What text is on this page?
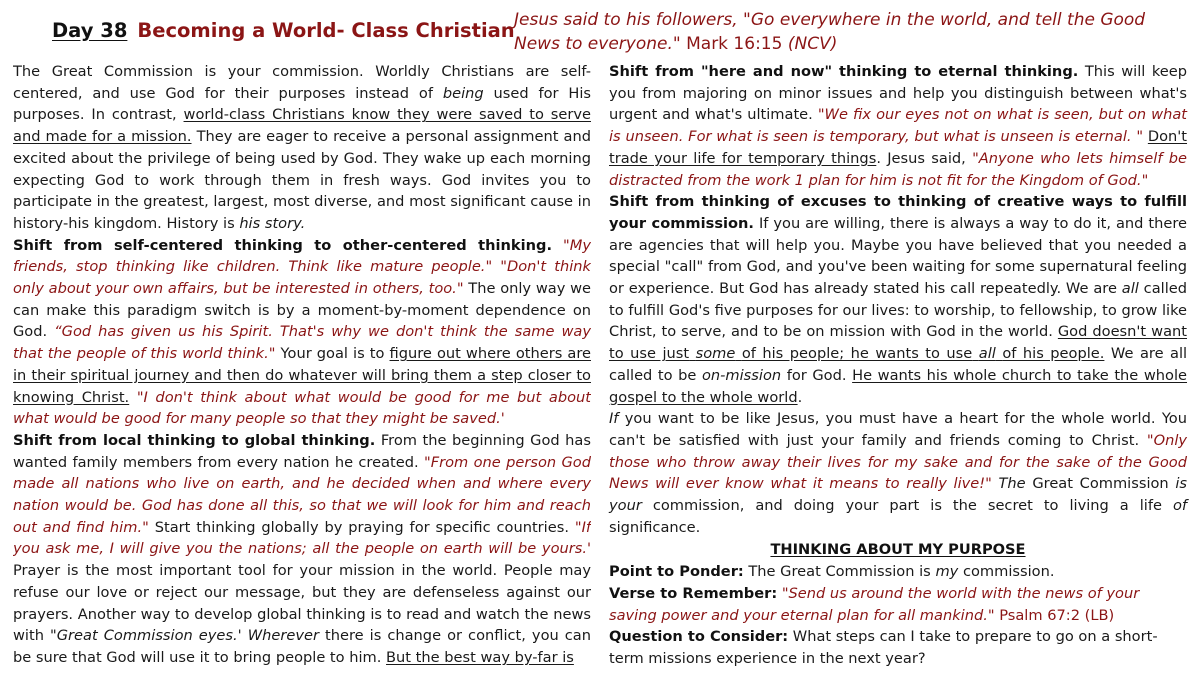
Day 38 Becoming a World- Class Christian Jesus said to his followers, "Go everywhere in the world, and tell the Good News to everyone." Mark 16:15 (NCV)

The Great Commission is your commission. Worldly Christians are self-centered, and use God for their purposes instead of being used for His purposes. In contrast, world-class Christians know they were saved to serve and made for a mission. They are eager to receive a personal assignment and excited about the privilege of being used by God. They wake up each morning expecting God to work through them in fresh ways. God invites you to participate in the greatest, largest, most diverse, and most significant cause in history-his kingdom. History is his story.

Shift from self-centered thinking to other-centered thinking. "My friends, stop thinking like children. Think like mature people." "Don't think only about your own affairs, but be interested in others, too." The only way we can make this paradigm switch is by a moment-by-moment dependence on God. “God has given us his Spirit. That's why we don't think the same way that the people of this world think." Your goal is to figure out where others are in their spiritual journey and then do whatever will bring them a step closer to knowing Christ. "I don't think about what would be good for me but about what would be good for many people so that they might be saved.'

Shift from local thinking to global thinking. From the beginning God has wanted family members from every nation he created. "From one person God made all nations who live on earth, and he decided when and where every nation would be. God has done all this, so that we will look for him and reach out and find him." Start thinking globally by praying for specific countries. "If you ask me, I will give you the nations; all the people on earth will be yours.' Prayer is the most important tool for your mission in the world. People may refuse our love or reject our message, but they are defenseless against our prayers. Another way to develop global thinking is to read and watch the news with "Great Commission eyes.' Wherever there is change or conflict, you can be sure that God will use it to bring people to him. But the best way by-far is

Shift from "here and now" thinking to eternal thinking. This will keep you from majoring on minor issues and help you distinguish between what's urgent and what's ultimate. "We fix our eyes not on what is seen, but on what is unseen. For what is seen is temporary, but what is unseen is eternal. " Don't trade your life for temporary things. Jesus said, "Anyone who lets himself be distracted from the work 1 plan for him is not fit for the Kingdom of God."

Shift from thinking of excuses to thinking of creative ways to fulfill your commission. If you are willing, there is always a way to do it, and there are agencies that will help you. Maybe you have believed that you needed a special "call" from God, and you've been waiting for some supernatural feeling or experience. But God has already stated his call repeatedly. We are all called to fulfill God's five purposes for our lives: to worship, to fellowship, to grow like Christ, to serve, and to be on mission with God in the world. God doesn't want to use just some of his people; he wants to use all of his people. We are all called to be on-mission for God. He wants his whole church to take the whole gospel to the whole world.

If you want to be like Jesus, you must have a heart for the whole world. You can't be satisfied with just your family and friends coming to Christ. "Only those who throw away their lives for my sake and for the sake of the Good News will ever know what it means to really live!" The Great Commission is your commission, and doing your part is the secret to living a life of significance.

THINKING ABOUT MY PURPOSE

Point to Ponder: The Great Commission is my commission.

Verse to Remember: "Send us around the world with the news of your saving power and your eternal plan for all mankind." Psalm 67:2 (LB)

Question to Consider: What steps can I take to prepare to go on a short-term missions experience in the next year?
